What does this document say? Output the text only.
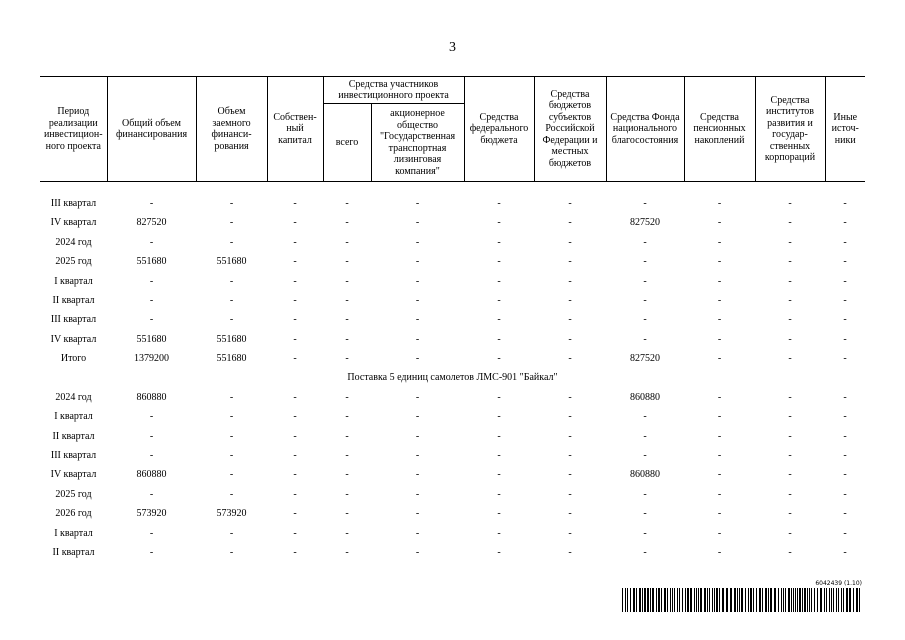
3
Период реализации инвестицион-ного проекта	Общий объем финансирования	Объем заемного финанси-рования	Собствен-ный капитал	Средства участников инвестиционного проекта		Средства федерального бюджета	Средства бюджетов субъектов Российской Федерации и местных бюджетов	Средства Фонда национального благосостояния	Средства пенсионных накоплений	Средства институтов развития и государ-ственных корпораций	Иные источ-ники
				всего	акционерное общество "Государственная транспортная лизинговая компания"						

III квартал	-	-	-	-	-	-	-	-	-	-	-
IV квартал	827520	-	-	-	-	-	-	827520	-	-	-
2024 год	-	-	-	-	-	-	-	-	-	-	-
2025 год	551680	551680	-	-	-	-	-	-	-	-	-
I квартал	-	-	-	-	-	-	-	-	-	-	-
II квартал	-	-	-	-	-	-	-	-	-	-	-
III квартал	-	-	-	-	-	-	-	-	-	-	-
IV квартал	551680	551680	-	-	-	-	-	-	-	-	-
Итого	1379200	551680	-	-	-	-	-	827520	-	-	-
Поставка 5 единиц самолетов ЛМС-901 "Байкал"											
2024 год	860880	-	-	-	-	-	-	860880	-	-	-
I квартал	-	-	-	-	-	-	-	-	-	-	-
II квартал	-	-	-	-	-	-	-	-	-	-	-
III квартал	-	-	-	-	-	-	-	-	-	-	-
IV квартал	860880	-	-	-	-	-	-	860880	-	-	-
2025 год	-	-	-	-	-	-	-	-	-	-	-
2026 год	573920	573920	-	-	-	-	-	-	-	-	-
I квартал	-	-	-	-	-	-	-	-	-	-	-
II квартал	-	-	-	-	-	-	-	-	-	-	-
6042439 (1.10)
